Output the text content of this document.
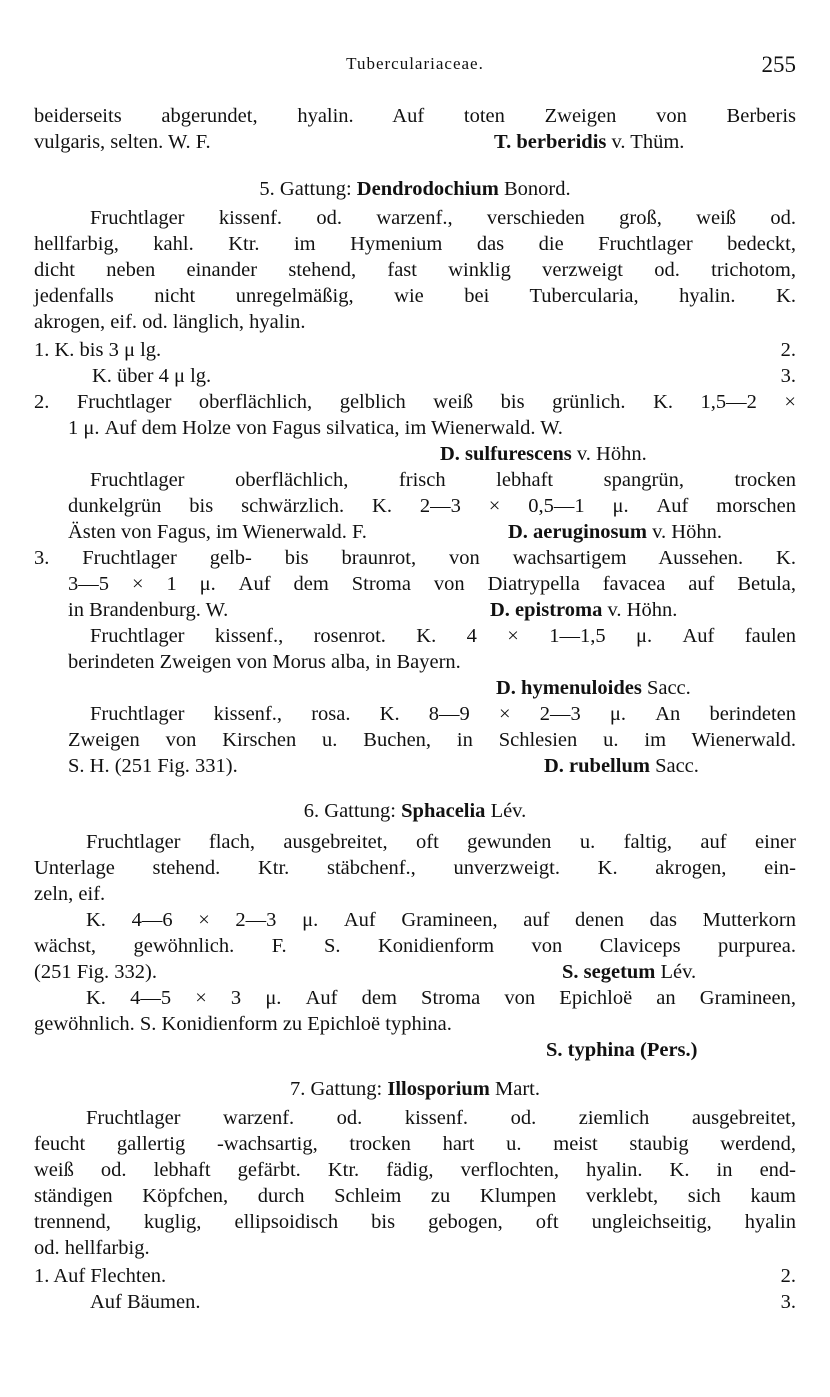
Tuberculariaceae.	255
beiderseits abgerundet, hyalin. Auf toten Zweigen von Berberis
vulgaris, selten. W. F.	T. berberidis v. Thüm.
5. Gattung: Dendrodochium Bonord.
Fruchtlager kissenf. od. warzenf., verschieden groß, weiß od.
hellfarbig, kahl. Ktr. im Hymenium das die Fruchtlager bedeckt,
dicht neben einander stehend, fast winklig verzweigt od. trichotom,
jedenfalls nicht unregelmäßig, wie bei Tubercularia, hyalin. K.
akrogen, eif. od. länglich, hyalin.
1. K. bis 3 μ lg.	2.
K. über 4 μ lg.	3.
2. Fruchtlager oberflächlich, gelblich weiß bis grünlich. K. 1,5—2 ×
1 μ. Auf dem Holze von Fagus silvatica, im Wienerwald. W.
D. sulfurescens v. Höhn.
Fruchtlager oberflächlich, frisch lebhaft spangrün, trocken
dunkelgrün bis schwärzlich. K. 2—3 × 0,5—1 μ. Auf morschen
Ästen von Fagus, im Wienerwald. F.	D. aeruginosum v. Höhn.
3. Fruchtlager gelb- bis braunrot, von wachsartigem Aussehen. K.
3—5 × 1 μ. Auf dem Stroma von Diatrypella favacea auf Betula,
in Brandenburg. W.	D. epistroma v. Höhn.
Fruchtlager kissenf., rosenrot. K. 4 × 1—1,5 μ. Auf faulen
berindeten Zweigen von Morus alba, in Bayern.
D. hymenuloides Sacc.
Fruchtlager kissenf., rosa. K. 8—9 × 2—3 μ. An berindeten
Zweigen von Kirschen u. Buchen, in Schlesien u. im Wienerwald.
S. H. (251 Fig. 331).	D. rubellum Sacc.
6. Gattung: Sphacelia Lév.
Fruchtlager flach, ausgebreitet, oft gewunden u. faltig, auf einer
Unterlage stehend. Ktr. stäbchenf., unverzweigt. K. akrogen, ein-
zeln, eif.
K. 4—6 × 2—3 μ. Auf Gramineen, auf denen das Mutterkorn
wächst, gewöhnlich. F. S. Konidienform von Claviceps purpurea.
(251 Fig. 332).	S. segetum Lév.
K. 4—5 × 3 μ. Auf dem Stroma von Epichloë an Gramineen,
gewöhnlich. S. Konidienform zu Epichloë typhina.
S. typhina (Pers.)
7. Gattung: Illosporium Mart.
Fruchtlager warzenf. od. kissenf. od. ziemlich ausgebreitet,
feucht gallertig -wachsartig, trocken hart u. meist staubig werdend,
weiß od. lebhaft gefärbt. Ktr. fädig, verflochten, hyalin. K. in end-
ständigen Köpfchen, durch Schleim zu Klumpen verklebt, sich kaum
trennend, kuglig, ellipsoidisch bis gebogen, oft ungleichseitig, hyalin
od. hellfarbig.
1. Auf Flechten.	2.
Auf Bäumen.	3.
